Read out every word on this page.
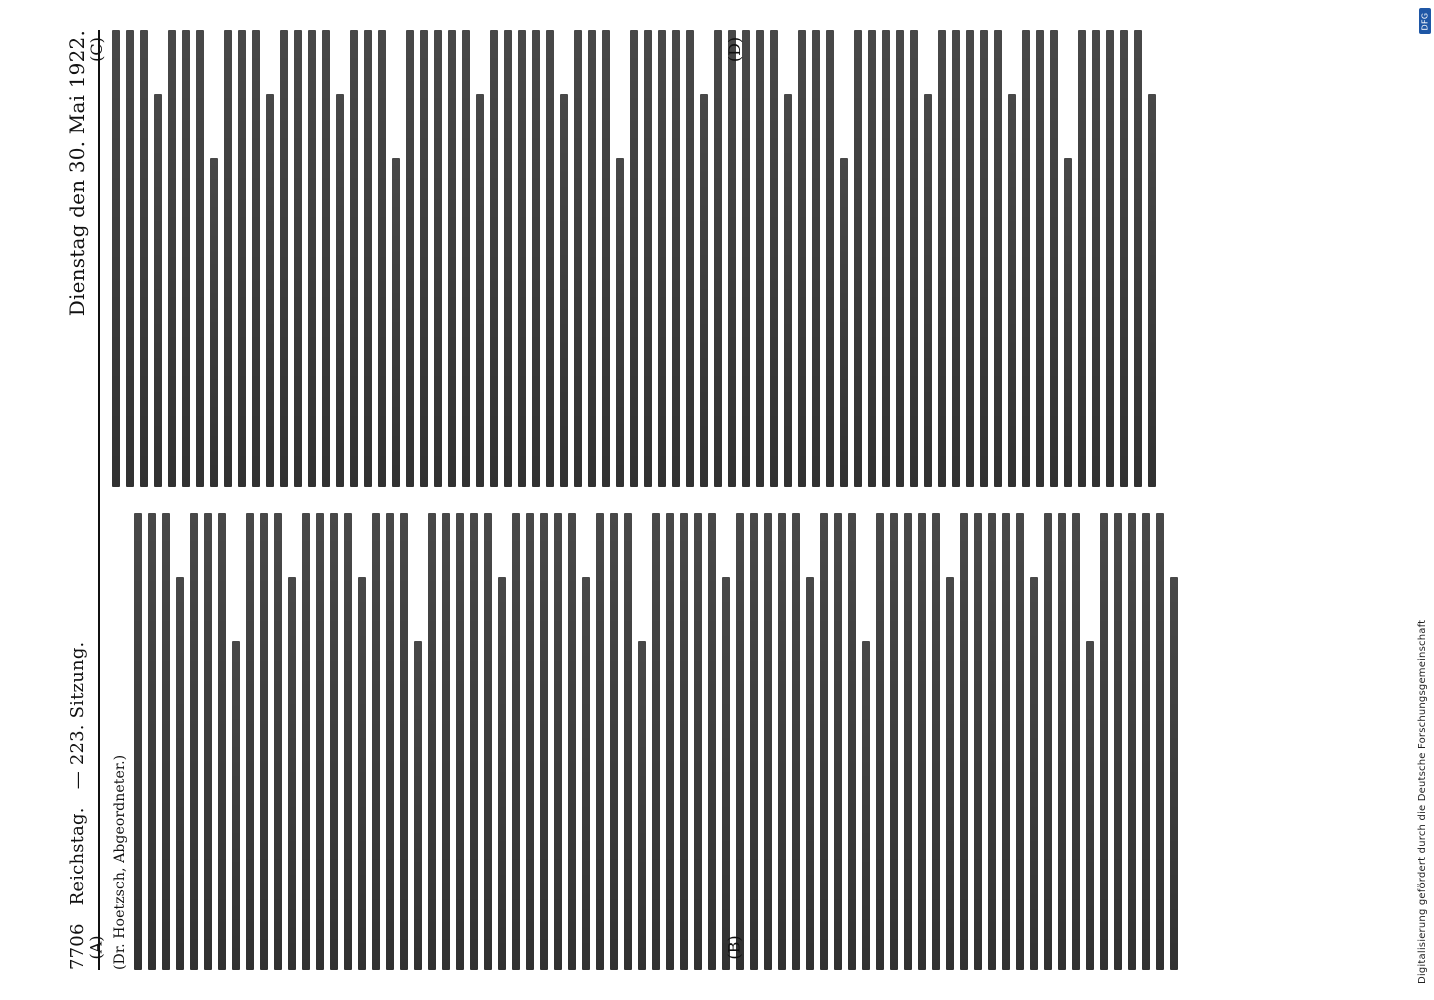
7706
Reichstag.
— 223. Sitzung.
Dienstag den 30. Mai 1922.
(Dr. Hoetzsch, Abgeordneter.)
(A)	(B)
(C)	(D)
DFG
Digitalisierung gefördert durch die Deutsche Forschungsgemeinschaft
